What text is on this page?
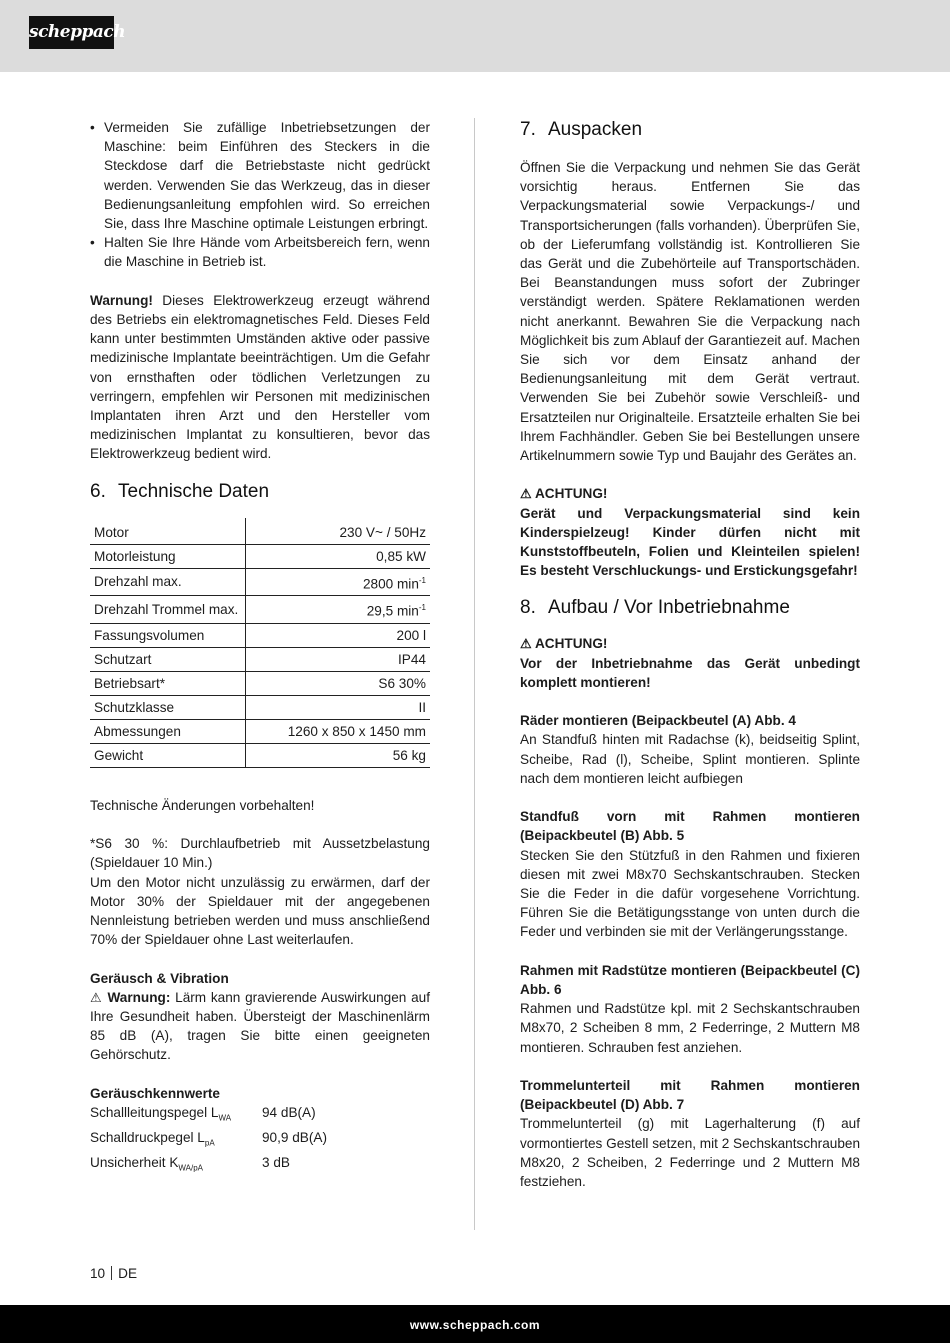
scheppach
• Vermeiden Sie zufällige Inbetriebsetzungen der Maschine: beim Einführen des Steckers in die Steckdose darf die Betriebstaste nicht gedrückt werden. Verwenden Sie das Werkzeug, das in dieser Bedienungsanleitung empfohlen wird. So erreichen Sie, dass Ihre Maschine optimale Leistungen erbringt.
• Halten Sie Ihre Hände vom Arbeitsbereich fern, wenn die Maschine in Betrieb ist.

Warnung! Dieses Elektrowerkzeug erzeugt während des Betriebs ein elektromagnetisches Feld. Dieses Feld kann unter bestimmten Umständen aktive oder passive medizinische Implantate beeinträchtigen. Um die Gefahr von ernsthaften oder tödlichen Verletzungen zu verringern, empfehlen wir Personen mit medizinischen Implantaten ihren Arzt und den Hersteller vom medizinischen Implantat zu konsultieren, bevor das Elektrowerkzeug bedient wird.

6. Technische Daten
Motor	230 V~ / 50Hz
Motorleistung	0,85 kW
Drehzahl max.	2800 $\min^{-1}$
Drehzahl Trommel max.	29,5 $\min^{-1}$
Fassungsvolumen	200 l
Schutzart	IP44
Betriebsart*	S6 30%
Schutzklasse	II
Abmessungen	1260 x 850 x 1450 mm
Gewicht	56 kg

Technische Änderungen vorbehalten!

*S6 30 %: Durchlaufbetrieb mit Aussetzbelastung (Spieldauer 10 Min.)

Um den Motor nicht unzulässig zu erwärmen, darf der Motor 30% der Spieldauer mit der angegebenen Nennleistung betrieben werden und muss anschließend 70% der Spieldauer ohne Last weiterlaufen.

Geräusch & Vibration

⚠ Warnung: Lärm kann gravierende Auswirkungen auf Ihre Gesundheit haben. Übersteigt der Maschinenlärm 85 dB (A), tragen Sie bitte einen geeigneten Gehörschutz.

Geräuschkennwerte

Schallleitungspegel $L_{WA}$	94 dB(A)
Schalldruckpegel $L_{pA}$	90,9 dB(A)
Unsicherheit $K_{WA/pA}$	3 dB
7. Auspacken

Öffnen Sie die Verpackung und nehmen Sie das Gerät vorsichtig heraus. Entfernen Sie das Verpackungsmaterial sowie Verpackungs-/ und Transportsicherungen (falls vorhanden). Überprüfen Sie, ob der Lieferumfang vollständig ist. Kontrollieren Sie das Gerät und die Zubehörteile auf Transportschäden. Bei Beanstandungen muss sofort der Zubringer verständigt werden. Spätere Reklamationen werden nicht anerkannt. Bewahren Sie die Verpackung nach Möglichkeit bis zum Ablauf der Garantiezeit auf. Machen Sie sich vor dem Einsatz anhand der Bedienungsanleitung mit dem Gerät vertraut. Verwenden Sie bei Zubehör sowie Verschleiß- und Ersatzteilen nur Originalteile. Ersatzteile erhalten Sie bei Ihrem Fachhändler. Geben Sie bei Bestellungen unsere Artikelnummern sowie Typ und Baujahr des Gerätes an.

⚠ ACHTUNG!

Gerät und Verpackungsmaterial sind kein Kinderspielzeug! Kinder dürfen nicht mit Kunststoffbeuteln, Folien und Kleinteilen spielen! Es besteht Verschluckungs- und Erstickungsgefahr!

8. Aufbau / Vor Inbetriebnahme

⚠ ACHTUNG!

Vor der Inbetriebnahme das Gerät unbedingt komplett montieren!

Räder montieren (Beipackbeutel (A) Abb. 4

An Standfuß hinten mit Radachse (k), beidseitig Splint, Scheibe, Rad (l), Scheibe, Splint montieren. Splinte nach dem montieren leicht aufbiegen

Standfuß vorn mit Rahmen montieren (Beipackbeutel (B) Abb. 5

Stecken Sie den Stützfuß in den Rahmen und fixieren diesen mit zwei M8x70 Sechskantschrauben. Stecken Sie die Feder in die dafür vorgesehene Vorrichtung. Führen Sie die Betätigungsstange von unten durch die Feder und verbinden sie mit der Verlängerungsstange.

Rahmen mit Radstütze montieren (Beipackbeutel (C) Abb. 6

Rahmen und Radstütze kpl. mit 2 Sechskantschrauben M8x70, 2 Scheiben 8 mm, 2 Federringe, 2 Muttern M8 montieren. Schrauben fest anziehen.

Trommelunterteil mit Rahmen montieren (Beipackbeutel (D) Abb. 7

Trommelunterteil (g) mit Lagerhalterung (f) auf vormontiertes Gestell setzen, mit 2 Sechskantschrauben M8x20, 2 Scheiben, 2 Federringe und 2 Muttern M8 festziehen.

10 DE
www.scheppach.com
